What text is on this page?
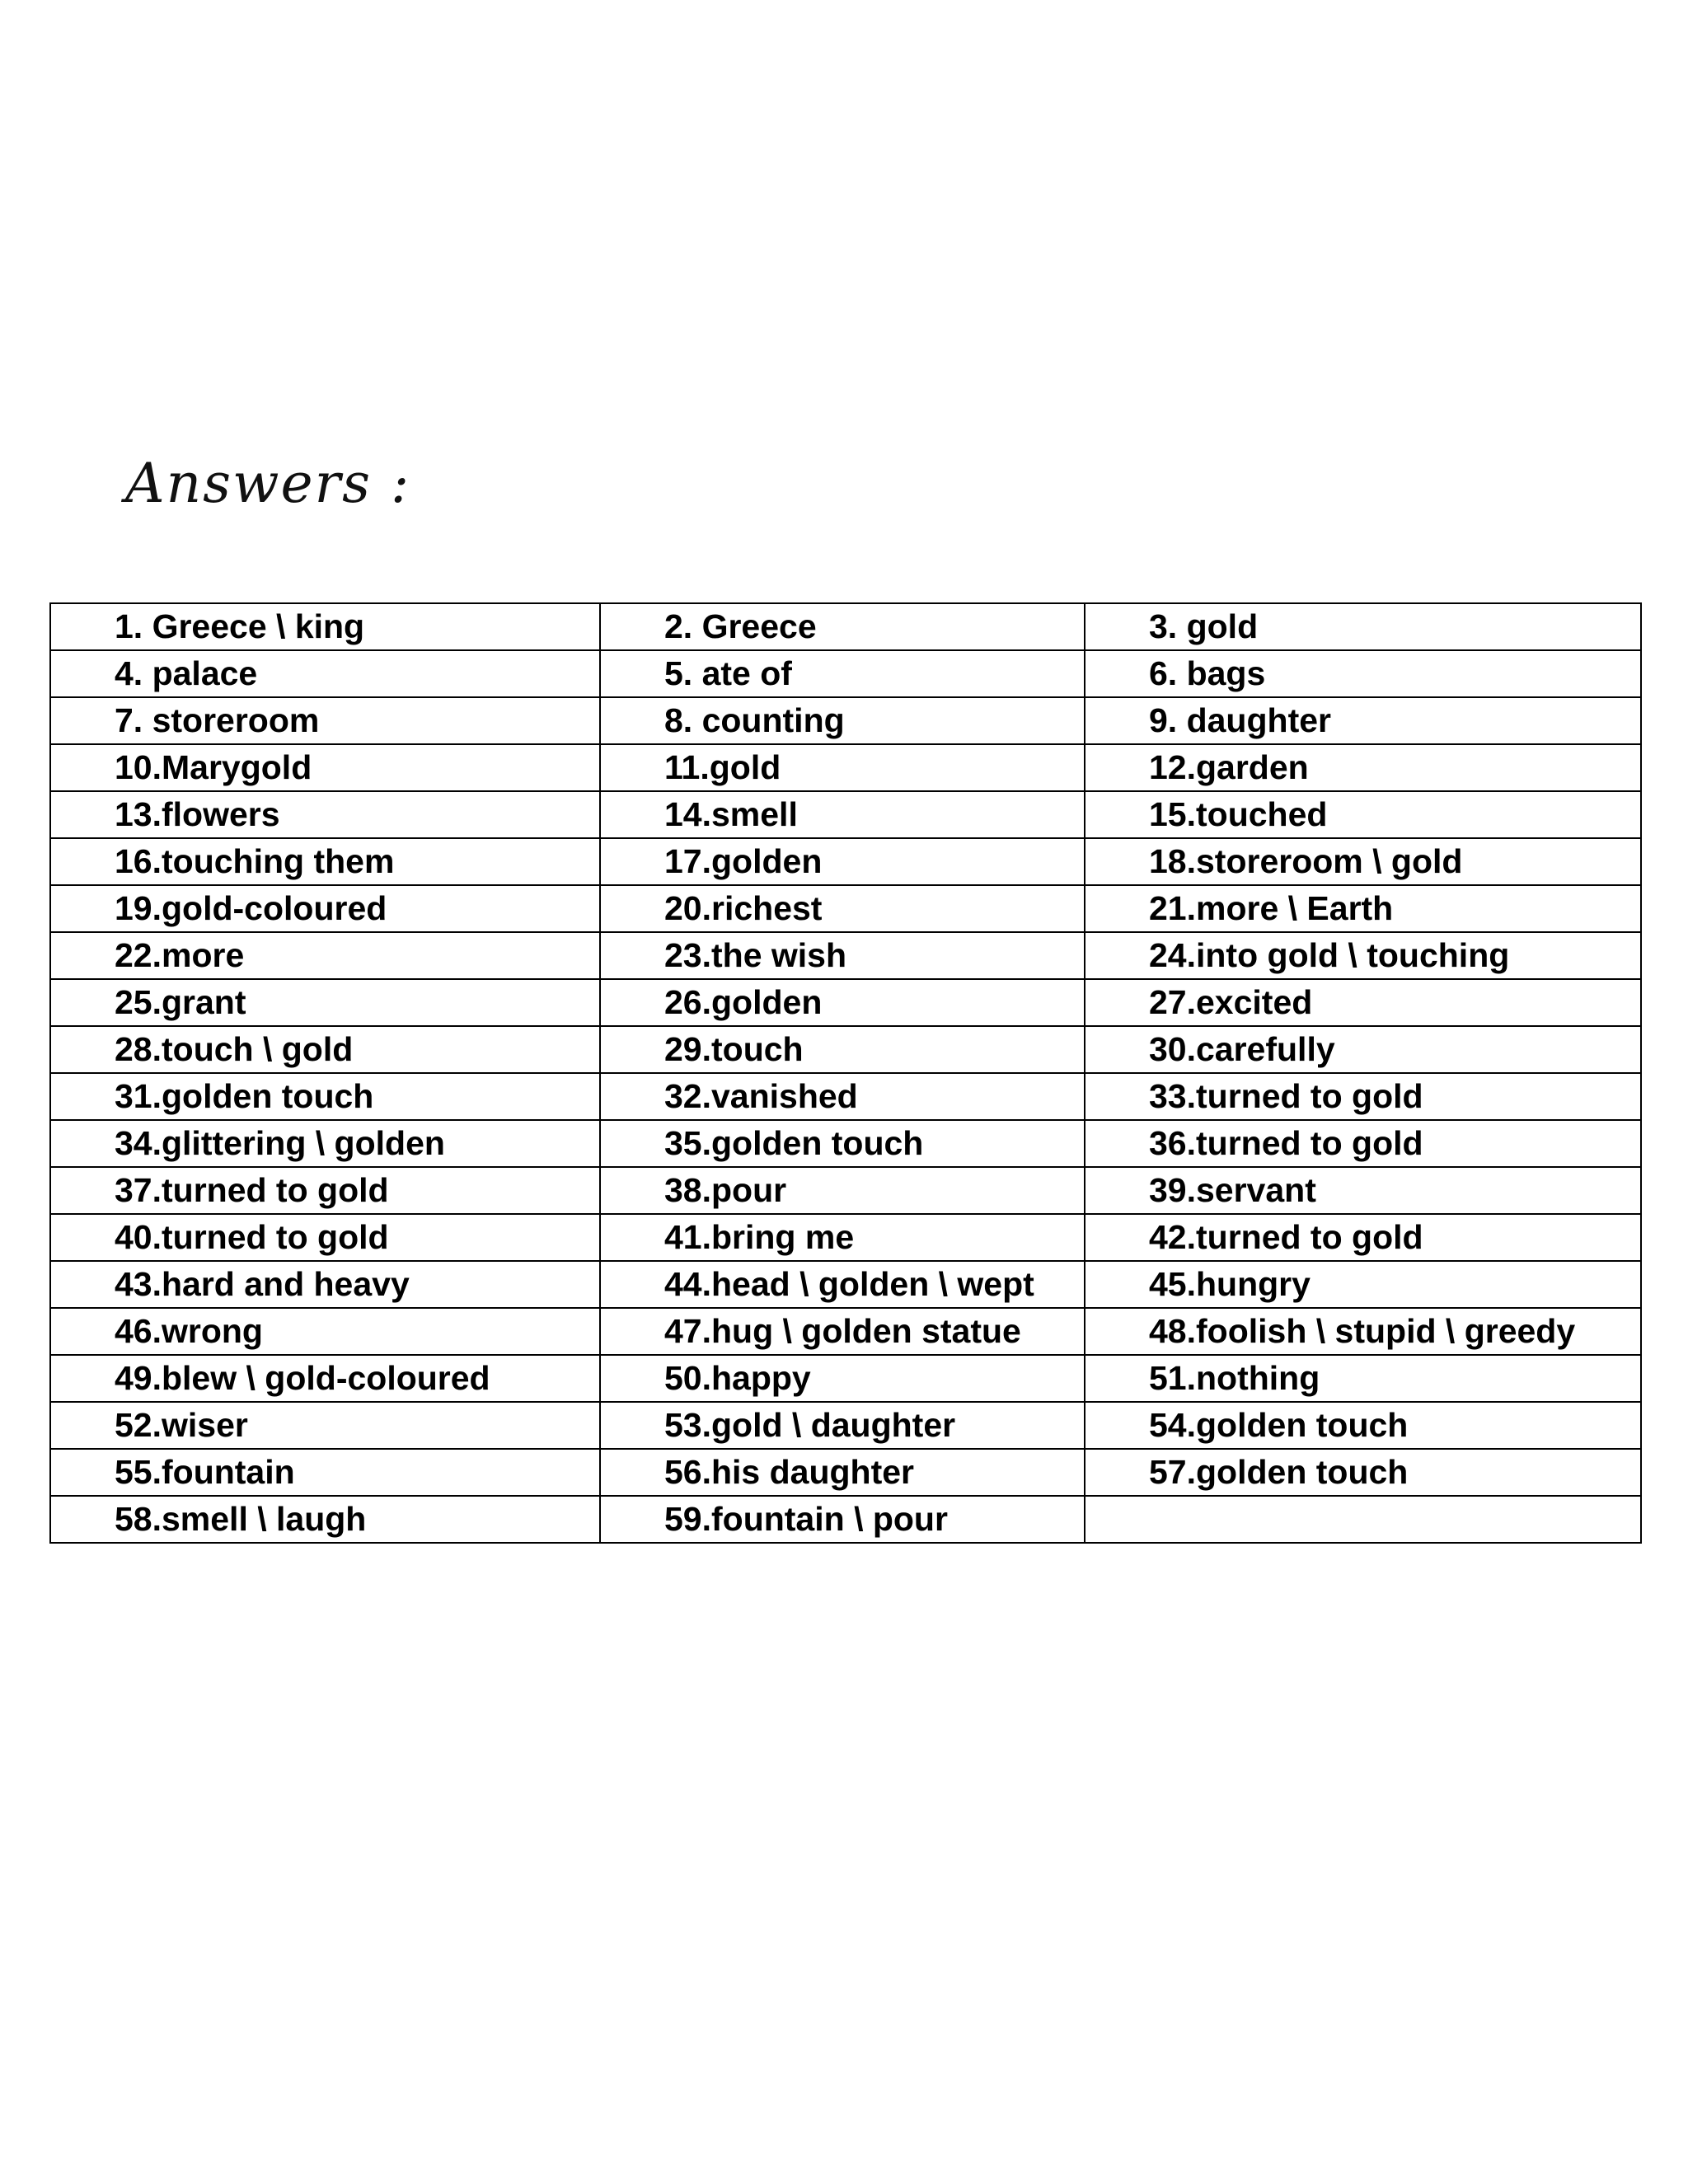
Answers :
1. Greece \ king	2. Greece	3. gold
4. palace	5. ate of	6. bags
7. storeroom	8. counting	9. daughter
10.Marygold	11.gold	12.garden
13.flowers	14.smell	15.touched
16.touching them	17.golden	18.storeroom \ gold
19.gold-coloured	20.richest	21.more \ Earth
22.more	23.the wish	24.into gold \ touching
25.grant	26.golden	27.excited
28.touch \ gold	29.touch	30.carefully
31.golden touch	32.vanished	33.turned to gold
34.glittering \ golden	35.golden touch	36.turned to gold
37.turned to gold	38.pour	39.servant
40.turned to gold	41.bring me	42.turned to gold
43.hard and heavy	44.head \ golden \ wept	45.hungry
46.wrong	47.hug \ golden statue	48.foolish \ stupid \ greedy
49.blew \ gold-coloured	50.happy	51.nothing
52.wiser	53.gold \ daughter	54.golden touch
55.fountain	56.his daughter	57.golden touch
58.smell \ laugh	59.fountain \ pour	
